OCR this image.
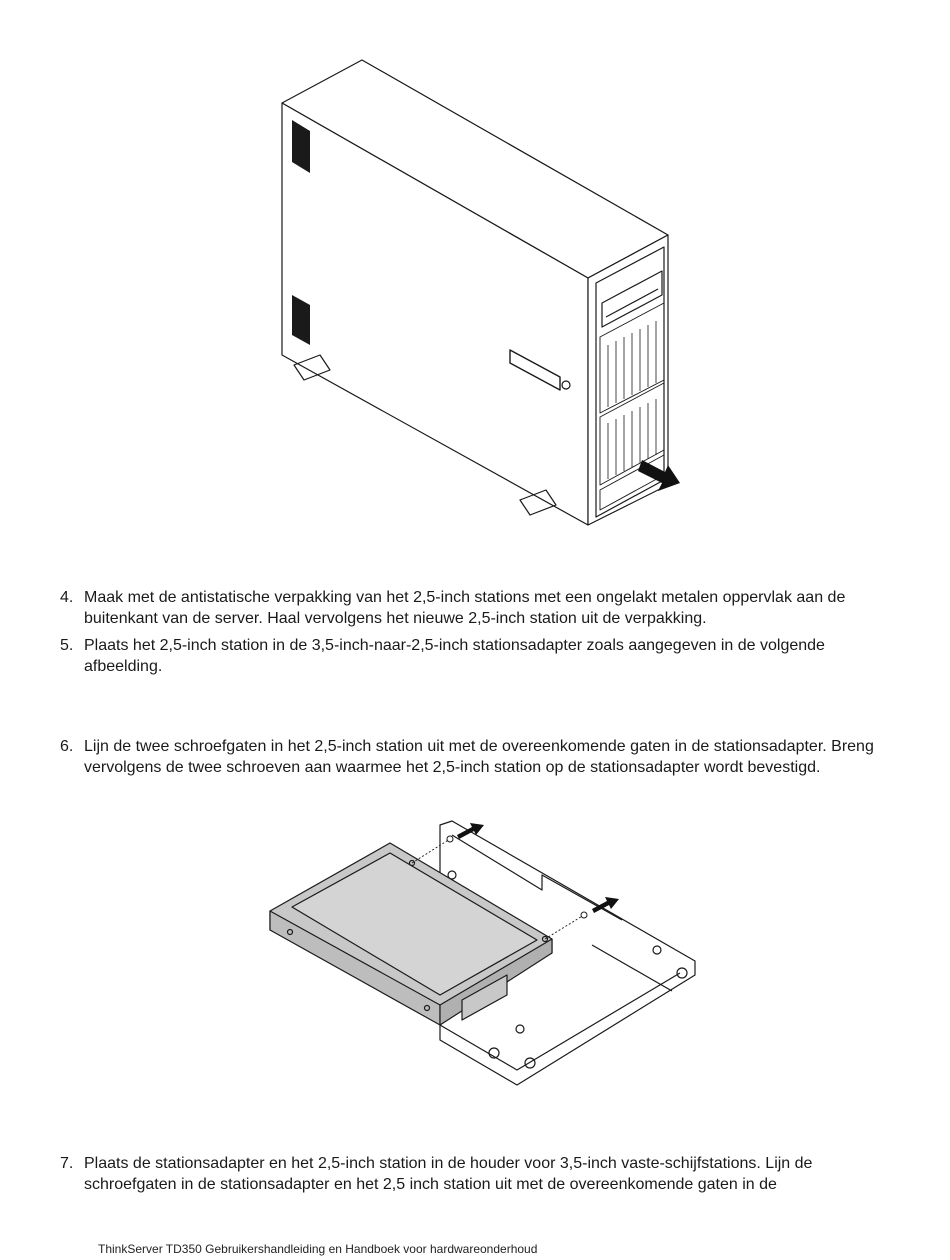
4. Maak met de antistatische verpakking van het 2,5-inch stations met een ongelakt metalen oppervlak aan de buitenkant van de server. Haal vervolgens het nieuwe 2,5-inch station uit de verpakking.
5. Plaats het 2,5-inch station in de 3,5-inch-naar-2,5-inch stationsadapter zoals aangegeven in de volgende afbeelding.
6. Lijn de twee schroefgaten in het 2,5-inch station uit met de overeenkomende gaten in de stationsadapter. Breng vervolgens de twee schroeven aan waarmee het 2,5-inch station op de stationsadapter wordt bevestigd.
7. Plaats de stationsadapter en het 2,5-inch station in de houder voor 3,5-inch vaste-schijfstations. Lijn de schroefgaten in de stationsadapter en het 2,5 inch station uit met de overeenkomende gaten in de
ThinkServer TD350 Gebruikershandleiding en Handboek voor hardwareonderhoud
